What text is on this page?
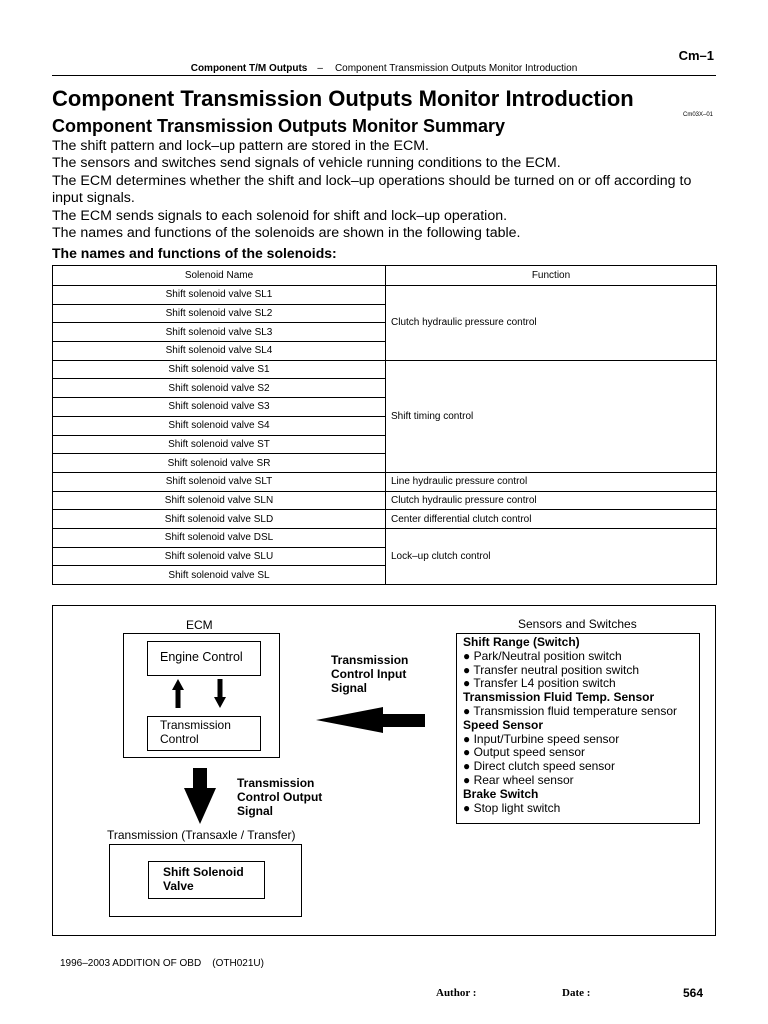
Cm–1
Component T/M Outputs – Component Transmission Outputs Monitor Introduction
Component Transmission Outputs Monitor Introduction
Cm03X–01
Component Transmission Outputs Monitor Summary

The shift pattern and lock–up pattern are stored in the ECM.

The sensors and switches send signals of vehicle running conditions to the ECM.

The ECM determines whether the shift and lock–up operations should be turned on or off according to input signals.

The ECM sends signals to each solenoid for shift and lock–up operation.

The names and functions of the solenoids are shown in the following table.

The names and functions of the solenoids:
Solenoid Name	Function
Shift solenoid valve SL1	Clutch hydraulic pressure control
Shift solenoid valve SL2	
Shift solenoid valve SL3	
Shift solenoid valve SL4	
Shift solenoid valve S1	Shift timing control
Shift solenoid valve S2	
Shift solenoid valve S3	
Shift solenoid valve S4	
Shift solenoid valve ST	
Shift solenoid valve SR	
Shift solenoid valve SLT	Line hydraulic pressure control
Shift solenoid valve SLN	Clutch hydraulic pressure control
Shift solenoid valve SLD	Center differential clutch control
Shift solenoid valve DSL	Lock–up clutch control
Shift solenoid valve SLU	
Shift solenoid valve SL	
ECM
Engine Control
Transmission
Control
Transmission
Control Input
Signal
Sensors and Switches
Shift Range (Switch)
● Park/Neutral position switch
● Transfer neutral position switch
● Transfer L4 position switch
Transmission Fluid Temp. Sensor
● Transmission fluid temperature sensor
Speed Sensor
● Input/Turbine speed sensor
● Output speed sensor
● Direct clutch speed sensor
● Rear wheel sensor
Brake Switch
● Stop light switch
Transmission
Control Output
Signal
Transmission (Transaxle / Transfer)
Shift Solenoid
Valve
1996–2003 ADDITION OF OBD    (OTH021U)
Author :	Date :	564
